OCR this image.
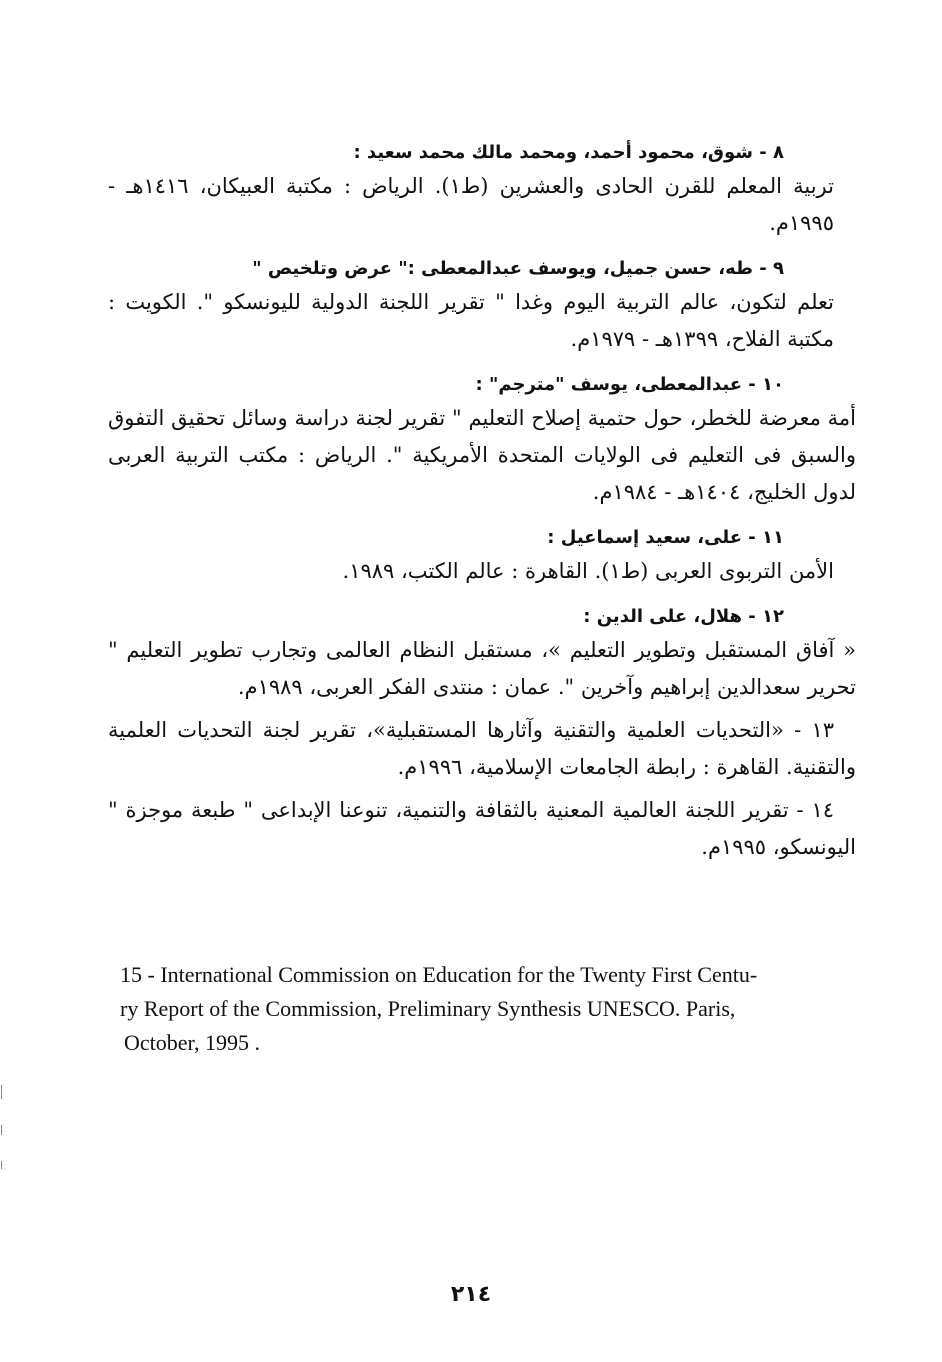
٨ - شوق، محمود أحمد، ومحمد مالك محمد سعيد :

تربية المعلم للقرن الحادى والعشرين (ط١). الرياض : مكتبة العبيكان، ١٤١٦هـ - ١٩٩٥م.

٩ - طه، حسن جميل، ويوسف عبدالمعطى :" عرض وتلخيص "

تعلم لتكون، عالم التربية اليوم وغدا " تقرير اللجنة الدولية لليونسكو ". الكويت : مكتبة الفلاح، ١٣٩٩هـ - ١٩٧٩م.

١٠ - عبدالمعطى، يوسف "مترجم" :

أمة معرضة للخطر، حول حتمية إصلاح التعليم " تقرير لجنة دراسة وسائل تحقيق التفوق والسبق فى التعليم فى الولايات المتحدة الأمريكية ". الرياض : مكتب التربية العربى لدول الخليج، ١٤٠٤هـ - ١٩٨٤م.

١١ - على، سعيد إسماعيل :

الأمن التربوى العربى (ط١). القاهرة : عالم الكتب، ١٩٨٩.

١٢ - هلال، على الدين :

« آفاق المستقبل وتطوير التعليم »، مستقبل النظام العالمى وتجارب تطوير التعليم " تحرير سعدالدين إبراهيم وآخرين ". عمان : منتدى الفكر العربى، ١٩٨٩م.

١٣ - «التحديات العلمية والتقنية وآثارها المستقبلية»، تقرير لجنة التحديات العلمية والتقنية. القاهرة : رابطة الجامعات الإسلامية، ١٩٩٦م.

١٤ - تقرير اللجنة العالمية المعنية بالثقافة والتنمية، تنوعنا الإبداعى " طبعة موجزة " اليونسكو، ١٩٩٥م.

15 - International Commission on Education for the Twenty First Centu-
ry Report of the Commission, Preliminary Synthesis UNESCO. Paris,
October, 1995 .
٢١٤
